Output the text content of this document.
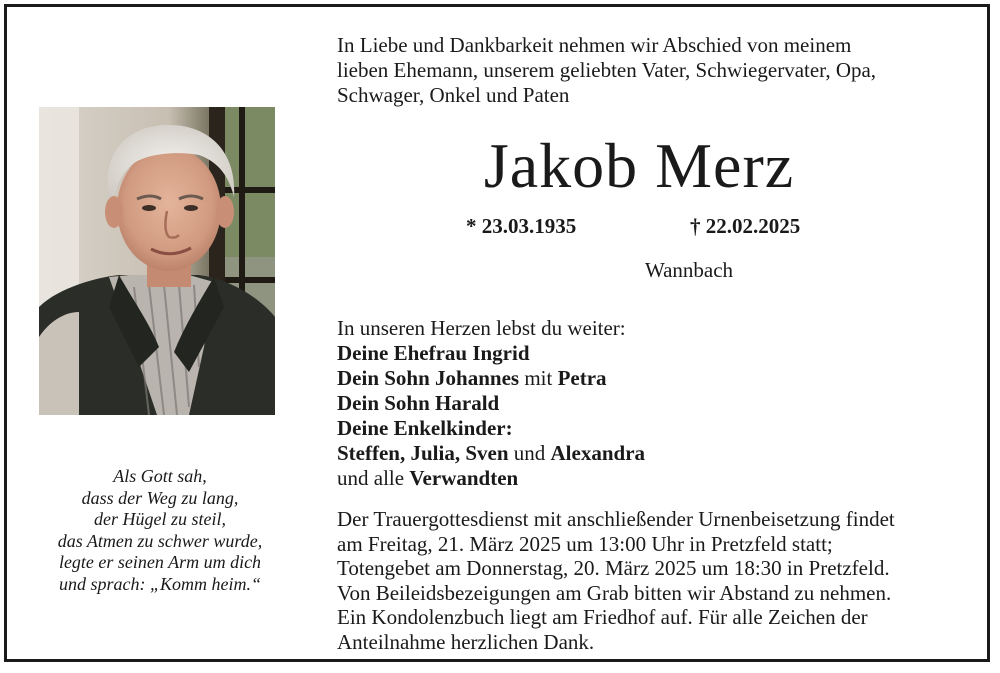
In Liebe und Dankbarkeit nehmen wir Abschied von meinem
lieben Ehemann, unserem geliebten Vater, Schwiegervater, Opa,
Schwager, Onkel und Paten
Jakob Merz
* 23.03.1935	† 22.02.2025
Wannbach
In unseren Herzen lebst du weiter:
Deine Ehefrau Ingrid
Dein Sohn Johannes mit Petra
Dein Sohn Harald
Deine Enkelkinder:
Steffen, Julia, Sven und Alexandra
und alle Verwandten
Der Trauergottesdienst mit anschließender Urnenbeisetzung findet
am Freitag, 21. März 2025 um 13:00 Uhr in Pretzfeld statt;
Totengebet am Donnerstag, 20. März 2025 um 18:30 in Pretzfeld.
Von Beileidsbezeigungen am Grab bitten wir Abstand zu nehmen.
Ein Kondolenzbuch liegt am Friedhof auf. Für alle Zeichen der
Anteilnahme herzlichen Dank.
Als Gott sah,
dass der Weg zu lang,
der Hügel zu steil,
das Atmen zu schwer wurde,
legte er seinen Arm um dich
und sprach: „Komm heim.“
